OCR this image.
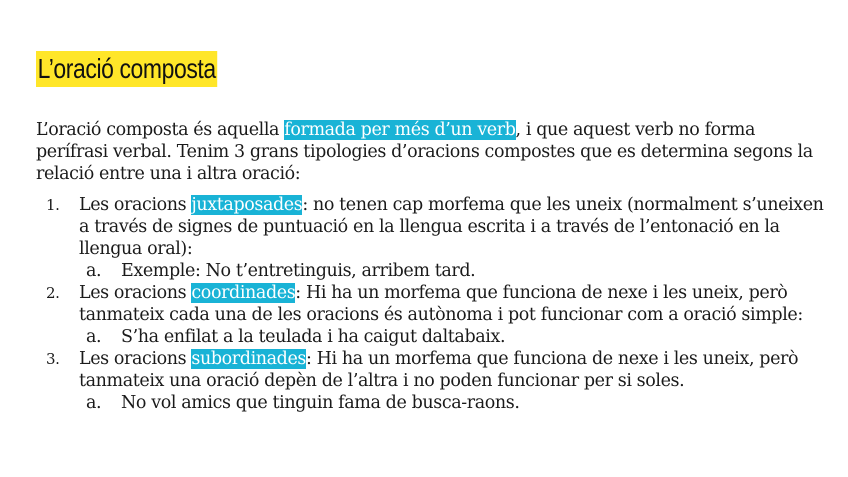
L’oració composta

L’oració composta és aquella formada per més d’un verb, i que aquest verb no forma perífrasi verbal. Tenim 3 grans tipologies d’oracions compostes que es determina segons la relació entre una i altra oració:

1. Les oracions juxtaposades: no tenen cap morfema que les uneix (normalment s’uneixen a través de signes de puntuació en la llengua escrita i a través de l’entonació en la llengua oral):
a. Exemple: No t’entretinguis, arribem tard.
2. Les oracions coordinades: Hi ha un morfema que funciona de nexe i les uneix, però tanmateix cada una de les oracions és autònoma i pot funcionar com a oració simple:
a. S’ha enfilat a la teulada i ha caigut daltabaix.
3. Les oracions subordinades: Hi ha un morfema que funciona de nexe i les uneix, però tanmateix una oració depèn de l’altra i no poden funcionar per si soles.
a. No vol amics que tinguin fama de busca-raons.
